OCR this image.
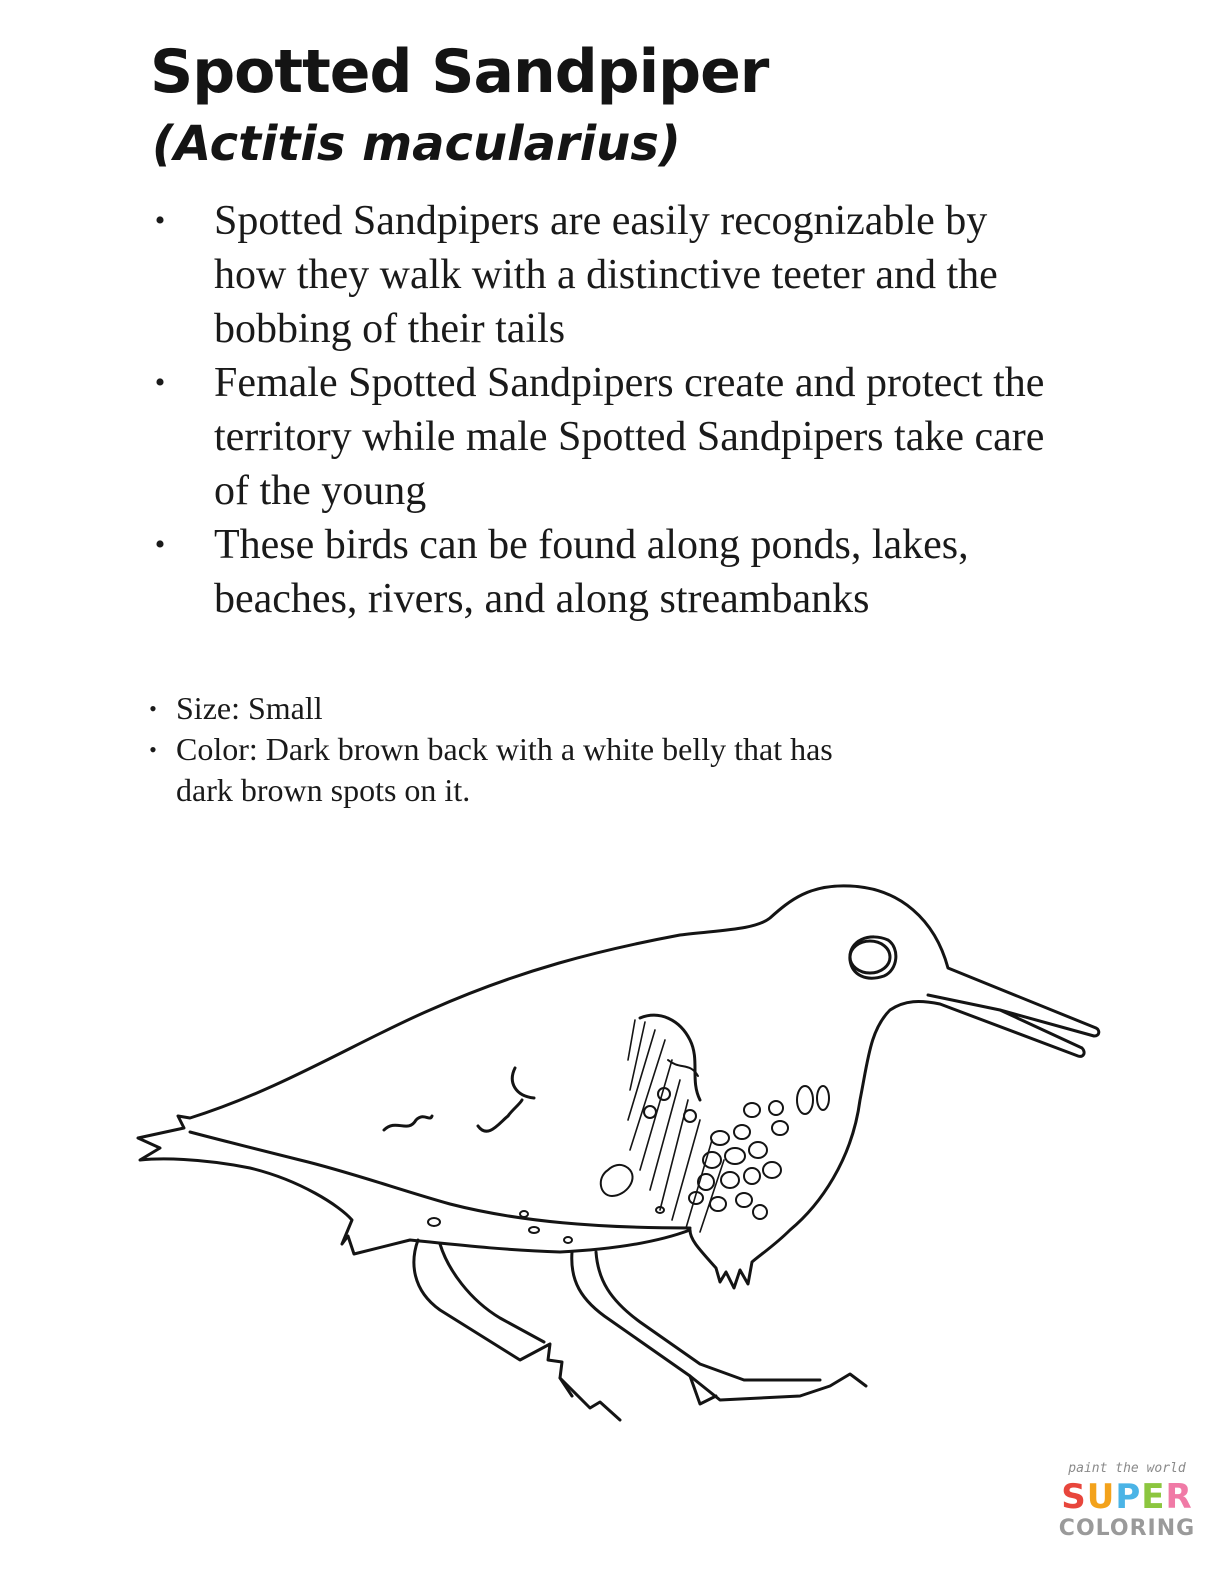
Spotted Sandpiper
(Actitis macularius)
• Spotted Sandpipers are easily recognizable by how they walk with a distinctive teeter and the bobbing of their tails
• Female Spotted Sandpipers create and protect the territory while male Spotted Sandpipers take care of the young
• These birds can be found along ponds, lakes, beaches, rivers, and along streambanks
• Size: Small
• Color: Dark brown back with a white belly that has dark brown spots on it.
paint the world
SUPER
COLORING
